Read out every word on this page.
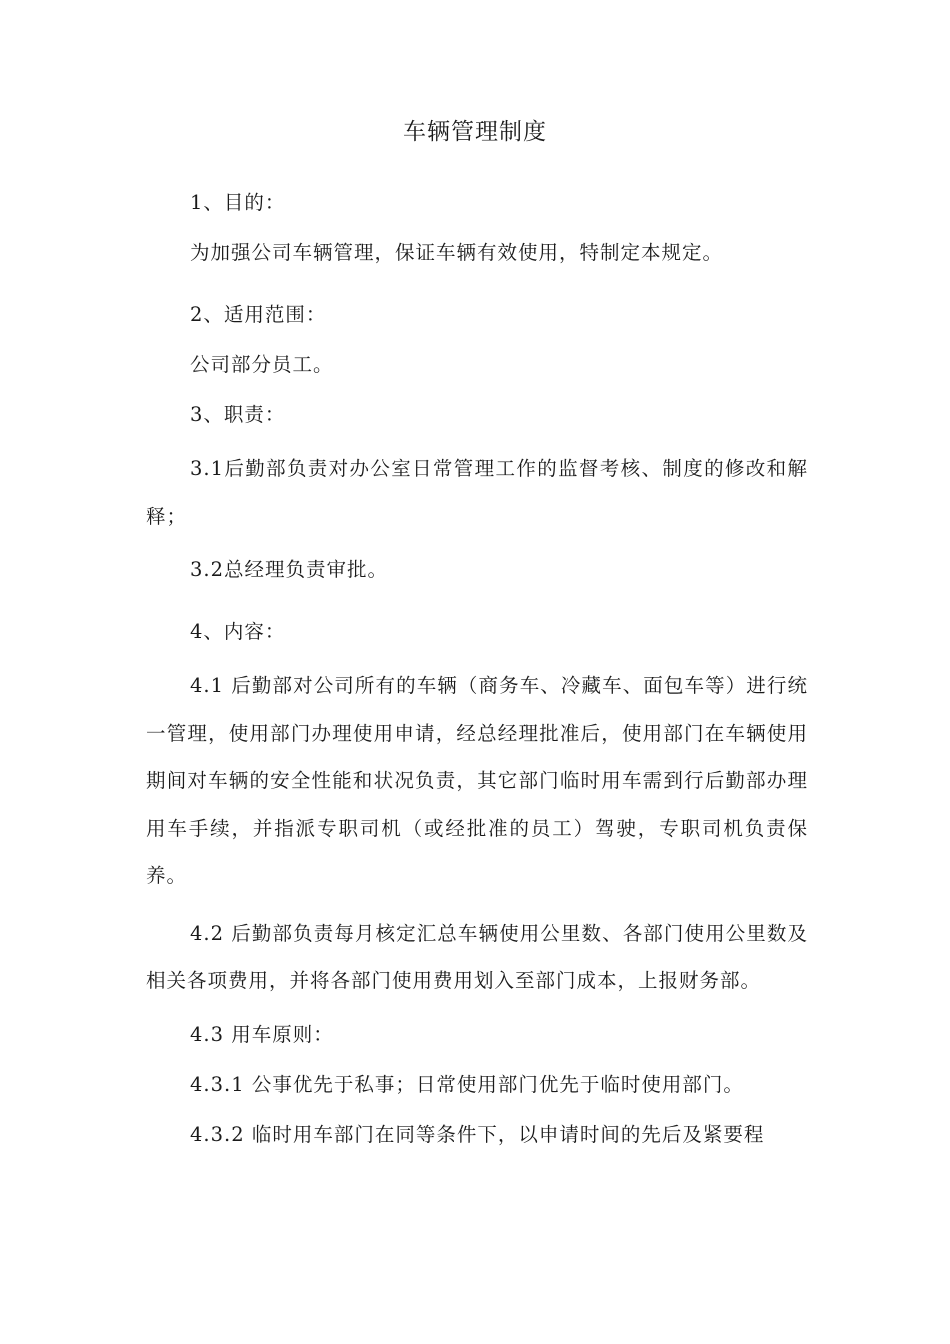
车辆管理制度

1、目的：

为加强公司车辆管理，保证车辆有效使用，特制定本规定。

2、适用范围：

公司部分员工。

3、职责：

3.1后勤部负责对办公室日常管理工作的监督考核、制度的修改和解释；

3.2总经理负责审批。

4、内容：

4.1 后勤部对公司所有的车辆（商务车、冷藏车、面包车等）进行统一管理，使用部门办理使用申请，经总经理批准后，使用部门在车辆使用期间对车辆的安全性能和状况负责，其它部门临时用车需到行后勤部办理用车手续，并指派专职司机（或经批准的员工）驾驶，专职司机负责保养。

4.2 后勤部负责每月核定汇总车辆使用公里数、各部门使用公里数及相关各项费用，并将各部门使用费用划入至部门成本，上报财务部。

4.3 用车原则：

4.3.1 公事优先于私事；日常使用部门优先于临时使用部门。

4.3.2 临时用车部门在同等条件下，以申请时间的先后及紧要程
